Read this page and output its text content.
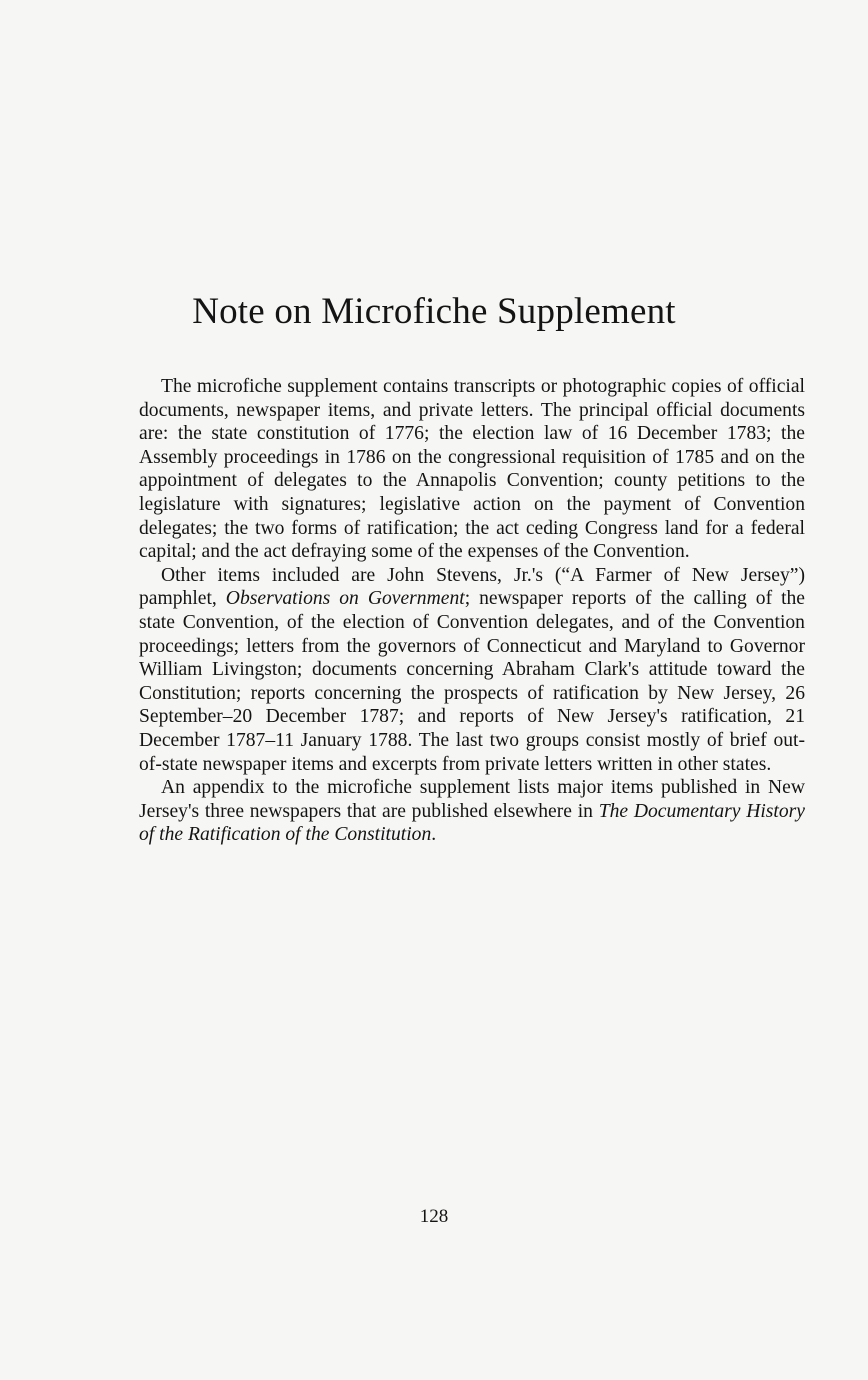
Note on Microfiche Supplement

The microfiche supplement contains transcripts or photographic copies of official documents, newspaper items, and private letters. The principal official documents are: the state constitution of 1776; the election law of 16 December 1783; the Assembly proceedings in 1786 on the congressional requisition of 1785 and on the appointment of delegates to the Annapolis Convention; county petitions to the legislature with signatures; legislative action on the payment of Convention delegates; the two forms of ratification; the act ceding Congress land for a federal capital; and the act defraying some of the expenses of the Convention.

Other items included are John Stevens, Jr.'s (“A Farmer of New Jersey”) pamphlet, Observations on Government; newspaper reports of the calling of the state Convention, of the election of Convention delegates, and of the Convention proceedings; letters from the governors of Connecticut and Maryland to Governor William Livingston; documents concerning Abraham Clark's attitude toward the Constitution; reports concerning the prospects of ratification by New Jersey, 26 September–20 December 1787; and reports of New Jersey's ratification, 21 December 1787–11 January 1788. The last two groups consist mostly of brief out-of-state newspaper items and excerpts from private letters written in other states.

An appendix to the microfiche supplement lists major items published in New Jersey's three newspapers that are published elsewhere in The Documentary History of the Ratification of the Constitution.

128
